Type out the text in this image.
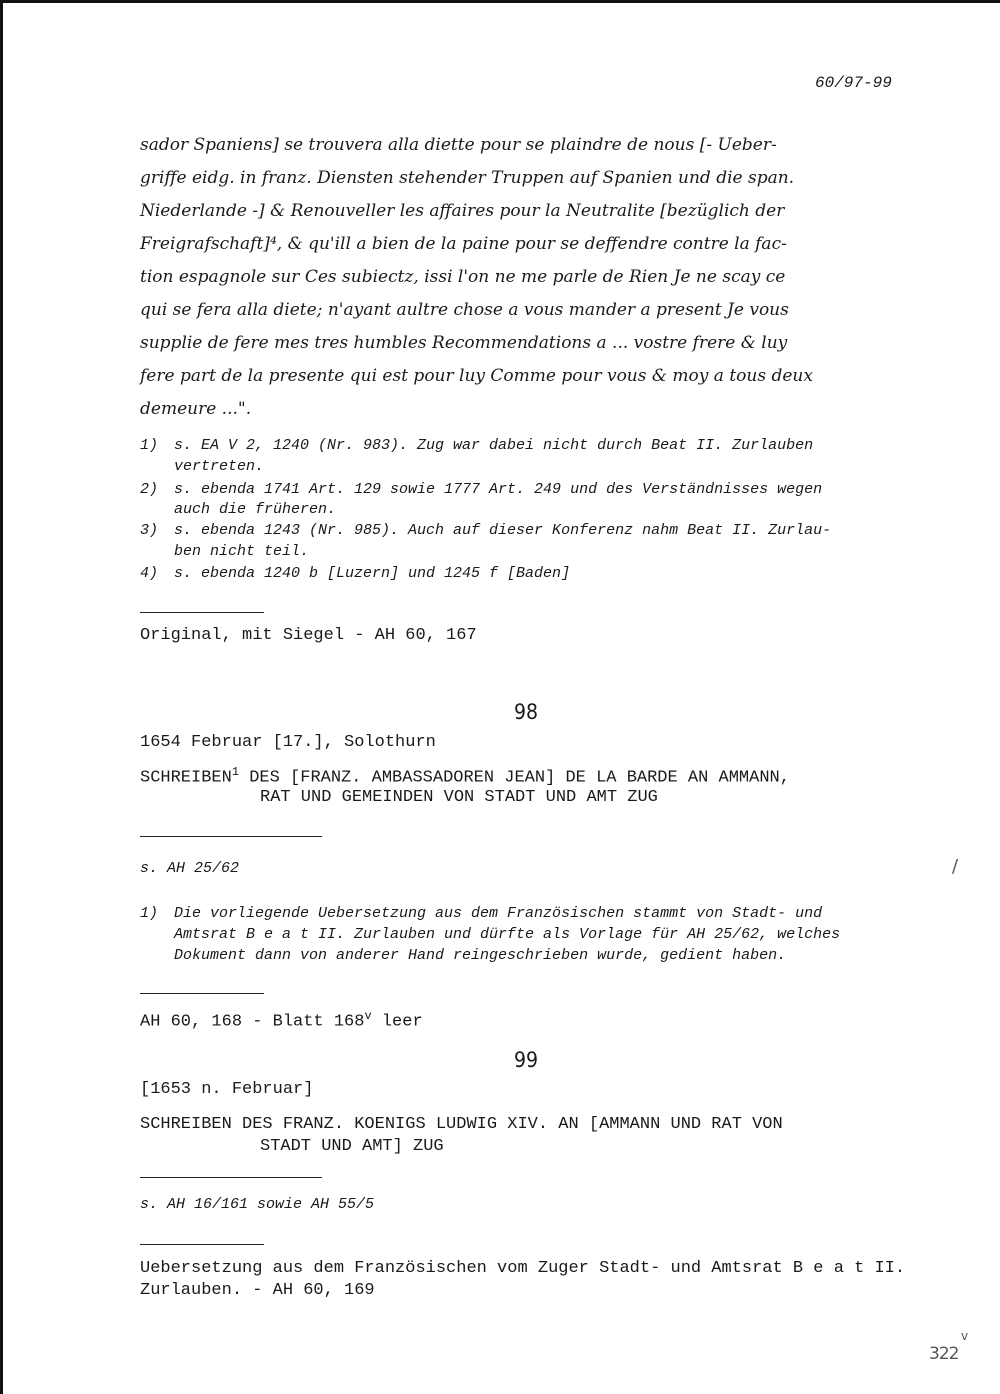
60/97-99
sador Spaniens] se trouvera alla diette pour se plaindre de nous [- Ueber-
griffe eidg. in franz. Diensten stehender Truppen auf Spanien und die span.
Niederlande -] & Renouveller les affaires pour la Neutralite [bezüglich der
Freigrafschaft]⁴, & qu'ill a bien de la paine pour se deffendre contre la fac-
tion espagnole sur Ces subiectz, issi l'on ne me parle de Rien Je ne scay ce
qui se fera alla diete; n'ayant aultre chose a vous mander a present Je vous
supplie de fere mes tres humbles Recommendations a ... vostre frere & luy
fere part de la presente qui est pour luy Comme pour vous & moy a tous deux
demeure ...".
1) s. EA V 2, 1240 (Nr. 983). Zug war dabei nicht durch Beat II. Zurlauben
vertreten.
2) s. ebenda 1741 Art. 129 sowie 1777 Art. 249 und des Verständnisses wegen
auch die früheren.
3) s. ebenda 1243 (Nr. 985). Auch auf dieser Konferenz nahm Beat II. Zurlau-
ben nicht teil.
4) s. ebenda 1240 b [Luzern] und 1245 f [Baden]
Original, mit Siegel - AH 60, 167
98
1654 Februar [17.], Solothurn
SCHREIBEN$^1$ DES [FRANZ. AMBASSADOREN JEAN] DE LA BARDE AN AMMANN,
RAT UND GEMEINDEN VON STADT UND AMT ZUG
s. AH 25/62	/
1) Die vorliegende Uebersetzung aus dem Französischen stammt von Stadt- und
Amtsrat B e a t II. Zurlauben und dürfte als Vorlage für AH 25/62, welches
Dokument dann von anderer Hand reingeschrieben wurde, gedient haben.
AH 60, 168 - Blatt 168$^v$ leer
99
[1653 n. Februar]
SCHREIBEN DES FRANZ. KOENIGS LUDWIG XIV. AN [AMMANN UND RAT VON
STADT UND AMT] ZUG
s. AH 16/161 sowie AH 55/5
Uebersetzung aus dem Französischen vom Zuger Stadt- und Amtsrat B e a t II.
Zurlauben. - AH 60, 169
v
322
